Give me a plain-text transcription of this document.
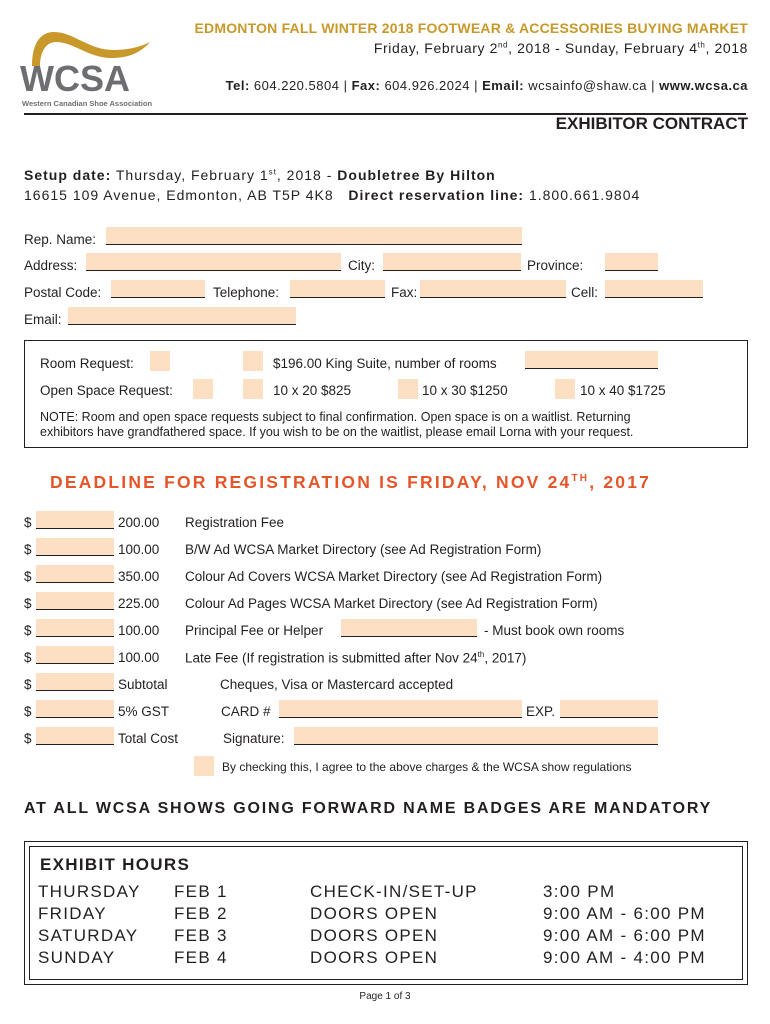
WCSA
Western Canadian Shoe Association
EDMONTON FALL WINTER 2018 FOOTWEAR & ACCESSORIES BUYING MARKET
Friday, February 2nd, 2018 - Sunday, February 4th, 2018
Tel: 604.220.5804 | Fax: 604.926.2024 | Email: wcsainfo@shaw.ca | www.wcsa.ca
EXHIBITOR CONTRACT
Setup date: Thursday, February 1st, 2018 - Doubletree By Hilton
16615 109 Avenue, Edmonton, AB T5P 4K8 Direct reservation line: 1.800.661.9804
Rep. Name:
Address:	City:	Province:
Postal Code:	Telephone:	Fax:	Cell:
Email:
Room Request:	$196.00 King Suite, number of rooms
Open Space Request:	10 x 20 $825	10 x 30 $1250	10 x 40 $1725
NOTE: Room and open space requests subject to final confirmation. Open space is on a waitlist. Returning
exhibitors have grandfathered space. If you wish to be on the waitlist, please email Lorna with your request.
DEADLINE FOR REGISTRATION IS FRIDAY, NOV 24TH, 2017
$	200.00 Registration Fee
$	100.00 B/W Ad WCSA Market Directory (see Ad Registration Form)
$	350.00 Colour Ad Covers WCSA Market Directory (see Ad Registration Form)
$	225.00 Colour Ad Pages WCSA Market Directory (see Ad Registration Form)
$	100.00 Principal Fee or Helper	- Must book own rooms
$	100.00 Late Fee (If registration is submitted after Nov 24th, 2017)
$	Subtotal	Cheques, Visa or Mastercard accepted
$	5% GST	CARD #	EXP.
$	Total Cost	Signature:
By checking this, I agree to the above charges & the WCSA show regulations
AT ALL WCSA SHOWS GOING FORWARD NAME BADGES ARE MANDATORY
EXHIBIT HOURS
THURSDAY FEB 1	CHECK-IN/SET-UP	3:00 PM
FRIDAY	FEB 2	DOORS OPEN	9:00 AM - 6:00 PM
SATURDAY FEB 3	DOORS OPEN	9:00 AM - 6:00 PM
SUNDAY	FEB 4	DOORS OPEN	9:00 AM - 4:00 PM
Page 1 of 3
